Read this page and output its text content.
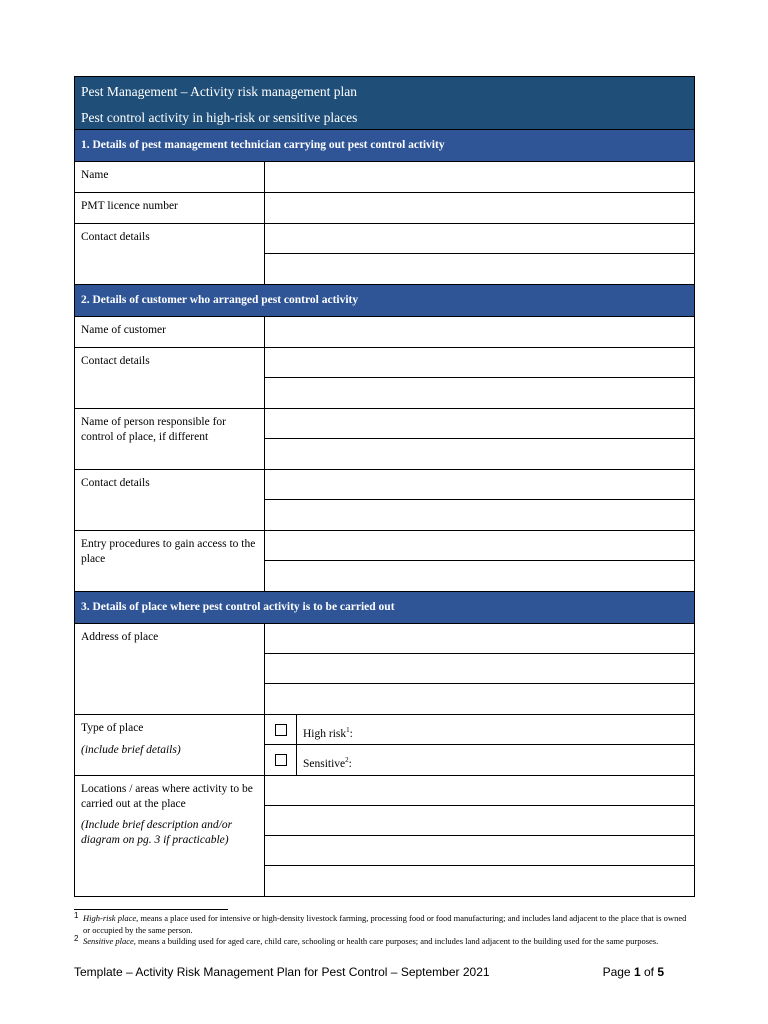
Pest Management – Activity risk management plan
Pest control activity in high-risk or sensitive places
1. Details of pest management technician carrying out pest control activity
Name
PMT licence number
Contact details
2. Details of customer who arranged pest control activity
Name of customer
Contact details
Name of person responsible for control of place, if different
Contact details
Entry procedures to gain access to the place
3. Details of place where pest control activity is to be carried out
Address of place
Type of place
(include brief details)
High risk$^1$:
Sensitive$^2$:
Locations / areas where activity to be carried out at the place
(Include brief description and/or diagram on pg. 3 if practicable)
1 High-risk place, means a place used for intensive or high-density livestock farming, processing food or food manufacturing; and includes land adjacent to the place that is owned or occupied by the same person.
2 Sensitive place, means a building used for aged care, child care, schooling or health care purposes; and includes land adjacent to the building used for the same purposes.
Template – Activity Risk Management Plan for Pest Control – September 2021	Page 1 of 5
